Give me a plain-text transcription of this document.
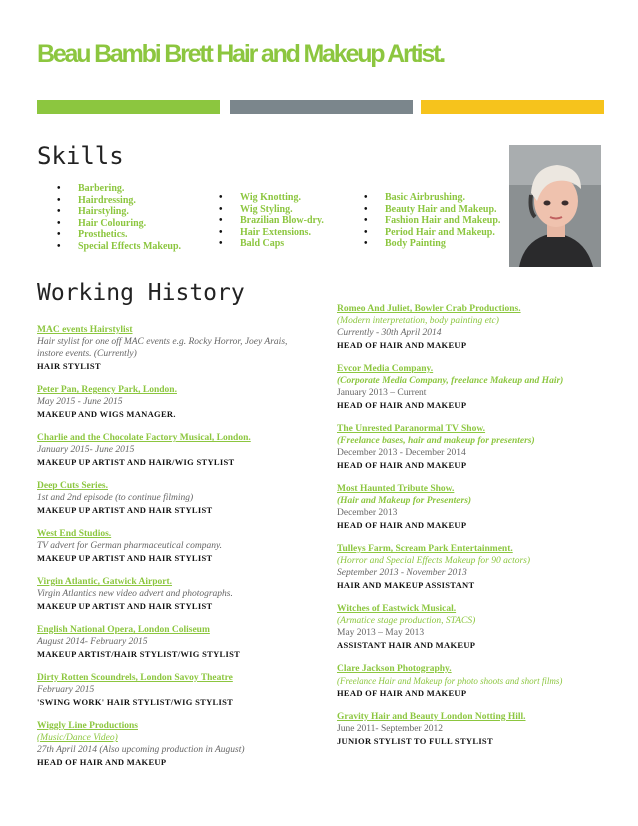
Beau Bambi Brett Hair and Makeup Artist.
Skills
• Barbering.
• Hairdressing.
• Hairstyling.
• Hair Colouring.
• Prosthetics.
• Special Effects Makeup.
• Wig Knotting.
• Wig Styling.
• Brazilian Blow-dry.
• Hair Extensions.
• Bald Caps
• Basic Airbrushing.
• Beauty Hair and Makeup.
• Fashion Hair and Makeup.
• Period Hair and Makeup.
• Body Painting
Working History
MAC events Hairstylist
Hair stylist for one off MAC events e.g. Rocky Horror, Joey Arais, instore events. (Currently)
HAIR STYLIST
Peter Pan, Regency Park, London.
May 2015 - June 2015
MAKEUP AND WIGS MANAGER.
Charlie and the Chocolate Factory Musical, London.
January 2015- June 2015
MAKEUP UP ARTIST AND HAIR/WIG STYLIST
Deep Cuts Series.
1st and 2nd episode (to continue filming)
MAKEUP UP ARTIST AND HAIR STYLIST
West End Studios.
TV advert for German pharmaceutical company.
MAKEUP UP ARTIST AND HAIR STYLIST
Virgin Atlantic, Gatwick Airport.
Virgin Atlantics new video advert and photographs.
MAKEUP UP ARTIST AND HAIR STYLIST
English National Opera, London Coliseum
August 2014- February 2015
MAKEUP ARTIST/HAIR STYLIST/WIG STYLIST
Dirty Rotten Scoundrels, London Savoy Theatre
February 2015
'SWING WORK' HAIR STYLIST/WIG STYLIST
Wiggly Line Productions
(Music/Dance Video)
27th April 2014 (Also upcoming production in August)
HEAD OF HAIR AND MAKEUP
Romeo And Juliet, Bowler Crab Productions.
(Modern interpretation, body painting etc)
Currently - 30th April 2014
HEAD OF HAIR AND MAKEUP
Evcor Media Company.
(Corporate Media Company, freelance Makeup and Hair)
January 2013 – Current
HEAD OF HAIR AND MAKEUP
The Unrested Paranormal TV Show.
(Freelance bases, hair and makeup for presenters)
December 2013 - December 2014
HEAD OF HAIR AND MAKEUP
Most Haunted Tribute Show.
(Hair and Makeup for Presenters)
December 2013
HEAD OF HAIR AND MAKEUP
Tulleys Farm, Scream Park Entertainment.
(Horror and Special Effects Makeup for 90 actors)
September 2013 - November 2013
HAIR AND MAKEUP ASSISTANT
Witches of Eastwick Musical.
(Armatice stage production, STACS)
May 2013 – May 2013
ASSISTANT HAIR AND MAKEUP
Clare Jackson Photography.
(Freelance Hair and Makeup for photo shoots and short films)
HEAD OF HAIR AND MAKEUP
Gravity Hair and Beauty London Notting Hill.
June 2011- September 2012
JUNIOR STYLIST TO FULL STYLIST
